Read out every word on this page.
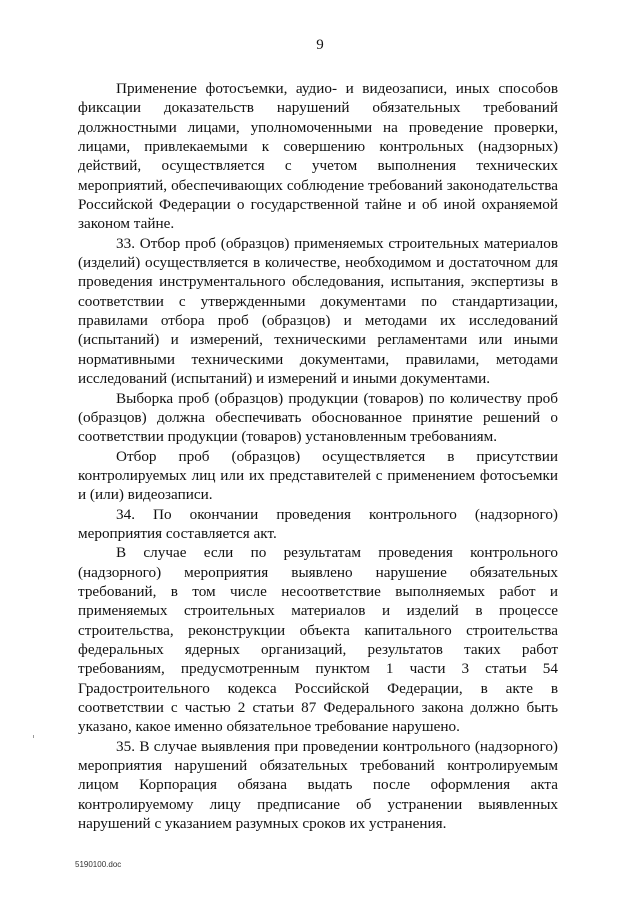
9

Применение фотосъемки, аудио- и видеозаписи, иных способов фиксации доказательств нарушений обязательных требований должностными лицами, уполномоченными на проведение проверки, лицами, привлекаемыми к совершению контрольных (надзорных) действий, осуществляется с учетом выполнения технических мероприятий, обеспечивающих соблюдение требований законодательства Российской Федерации о государственной тайне и об иной охраняемой законом тайне.

33. Отбор проб (образцов) применяемых строительных материалов (изделий) осуществляется в количестве, необходимом и достаточном для проведения инструментального обследования, испытания, экспертизы в соответствии с утвержденными документами по стандартизации, правилами отбора проб (образцов) и методами их исследований (испытаний) и измерений, техническими регламентами или иными нормативными техническими документами, правилами, методами исследований (испытаний) и измерений и иными документами.

Выборка проб (образцов) продукции (товаров) по количеству проб (образцов) должна обеспечивать обоснованное принятие решений о соответствии продукции (товаров) установленным требованиям.

Отбор проб (образцов) осуществляется в присутствии контролируемых лиц или их представителей с применением фотосъемки и (или) видеозаписи.

34. По окончании проведения контрольного (надзорного) мероприятия составляется акт.

В случае если по результатам проведения контрольного (надзорного) мероприятия выявлено нарушение обязательных требований, в том числе несоответствие выполняемых работ и применяемых строительных материалов и изделий в процессе строительства, реконструкции объекта капитального строительства федеральных ядерных организаций, результатов таких работ требованиям, предусмотренным пунктом 1 части 3 статьи 54 Градостроительного кодекса Российской Федерации, в акте в соответствии с частью 2 статьи 87 Федерального закона должно быть указано, какое именно обязательное требование нарушено.

35. В случае выявления при проведении контрольного (надзорного) мероприятия нарушений обязательных требований контролируемым лицом Корпорация обязана выдать после оформления акта контролируемому лицу предписание об устранении выявленных нарушений с указанием разумных сроков их устранения.

5190100.doc
